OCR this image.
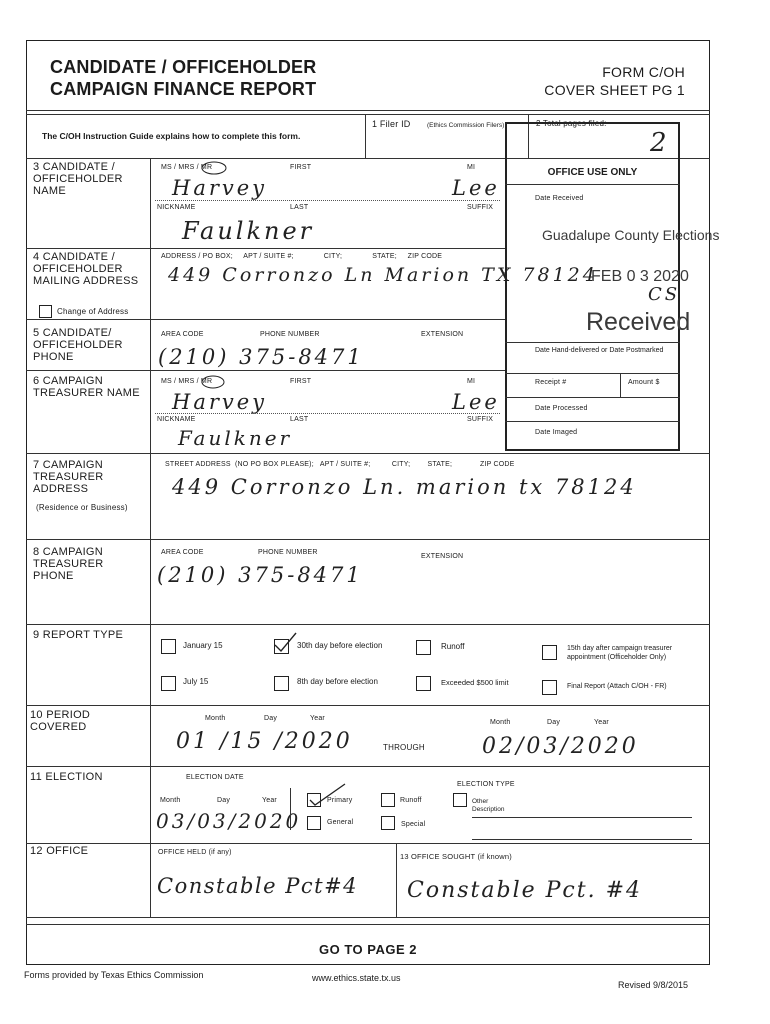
CANDIDATE / OFFICEHOLDER
CAMPAIGN FINANCE REPORT
FORM C/OH
COVER SHEET PG 1
The C/OH Instruction Guide explains how to complete this form.
1 Filer ID	(Ethics Commission Filers)	2 Total pages filed:
2
3 CANDIDATE / OFFICEHOLDER NAME
MS / MRS / MR	FIRST	MI
Harvey	Lee
NICKNAME	LAST	SUFFIX
Faulkner
4 CANDIDATE / OFFICEHOLDER MAILING ADDRESS
Change of Address
ADDRESS / PO BOX;     APT / SUITE #;              CITY;              STATE;     ZIP CODE
449 Corronzo Ln Marion TX 78124
5 CANDIDATE/ OFFICEHOLDER PHONE
AREA CODE	PHONE NUMBER	EXTENSION
(210) 375-8471
6 CAMPAIGN TREASURER NAME
MS / MRS / MR	FIRST	MI
Harvey	Lee
NICKNAME	LAST	SUFFIX
Faulkner
OFFICE USE ONLY
Date Received
Guadalupe County Elections
FEB 0 3 2020
CS
Received
Date Hand-delivered or Date Postmarked
Receipt #	Amount $
Date Processed
Date Imaged
7 CAMPAIGN TREASURER ADDRESS
(Residence or Business)
STREET ADDRESS  (NO PO BOX PLEASE);   APT / SUITE #;          CITY;        STATE;             ZIP CODE
449 Corronzo Ln. marion tx 78124
8 CAMPAIGN TREASURER PHONE
AREA CODE	PHONE NUMBER
EXTENSION
(210) 375-8471
9 REPORT TYPE
January 15
July 15
30th day before election
8th day before election
Runoff
Exceeded $500 limit
15th day after campaign treasurer appointment (Officeholder Only)
Final Report (Attach C/OH - FR)
10 PERIOD COVERED
Month	Day	Year
01 /15 /2020	THROUGH
Month	Day	Year
02/03/2020
11 ELECTION	ELECTION DATE
Month	Day	Year
03/03/2020
ELECTION TYPE
Primary	Runoff	Other Description
General	Special
12 OFFICE	OFFICE HELD (if any)
Constable Pct#4
13 OFFICE SOUGHT (if known)
Constable Pct. #4
GO TO PAGE 2
Forms provided by Texas Ethics Commission	www.ethics.state.tx.us
Revised 9/8/2015
